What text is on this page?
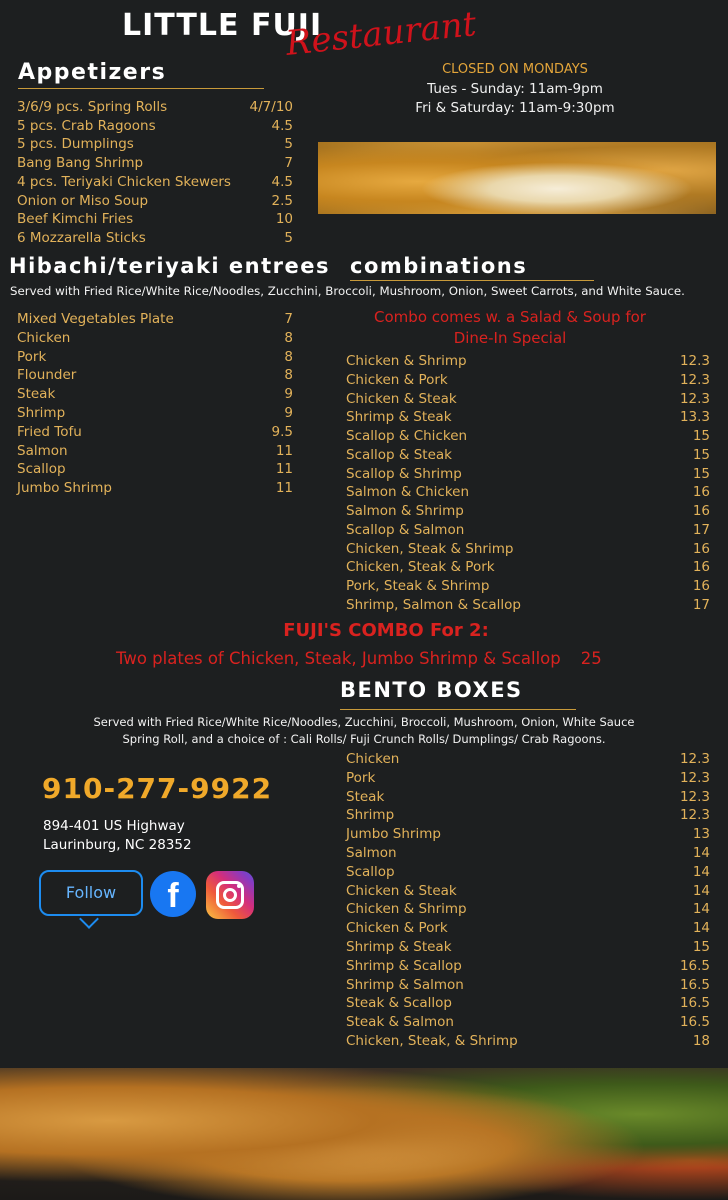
LITTLE FUJI
Restaurant
CLOSED ON MONDAYS
Tues - Sunday: 11am-9pm
Fri & Saturday: 11am-9:30pm
Appetizers
3/6/9 pcs. Spring Rolls	4/7/10
5 pcs. Crab Ragoons	4.5
5 pcs. Dumplings	5
Bang Bang Shrimp	7
4 pcs. Teriyaki Chicken Skewers	4.5
Onion or Miso Soup	2.5
Beef Kimchi Fries	10
6 Mozzarella Sticks	5
Hibachi/teriyaki entrees
Served with Fried Rice/White Rice/Noodles, Zucchini, Broccoli, Mushroom, Onion, Sweet Carrots, and White Sauce.
Mixed Vegetables Plate	7
Chicken	8
Pork	8
Flounder	8
Steak	9
Shrimp	9
Fried Tofu	9.5
Salmon	11
Scallop	11
Jumbo Shrimp	11
combinations
Combo comes w. a Salad & Soup for
Dine-In Special
Chicken & Shrimp	12.3
Chicken & Pork	12.3
Chicken & Steak	12.3
Shrimp & Steak	13.3
Scallop & Chicken	15
Scallop & Steak	15
Scallop & Shrimp	15
Salmon & Chicken	16
Salmon & Shrimp	16
Scallop & Salmon	17
Chicken, Steak & Shrimp	16
Chicken, Steak & Pork	16
Pork, Steak & Shrimp	16
Shrimp, Salmon & Scallop	17
FUJI'S COMBO For 2:
Two plates of Chicken, Steak, Jumbo Shrimp & Scallop 25
BENTO BOXES
Served with Fried Rice/White Rice/Noodles, Zucchini, Broccoli, Mushroom, Onion, White Sauce
Spring Roll, and a choice of : Cali Rolls/ Fuji Crunch Rolls/ Dumplings/ Crab Ragoons.
Chicken	12.3
Pork	12.3
Steak	12.3
Shrimp	12.3
Jumbo Shrimp	13
Salmon	14
Scallop	14
Chicken & Steak	14
Chicken & Shrimp	14
Chicken & Pork	14
Shrimp & Steak	15
Shrimp & Scallop	16.5
Shrimp & Salmon	16.5
Steak & Scallop	16.5
Steak & Salmon	16.5
Chicken, Steak, & Shrimp	18
910-277-9922
894-401 US Highway
Laurinburg, NC 28352
Follow	f
